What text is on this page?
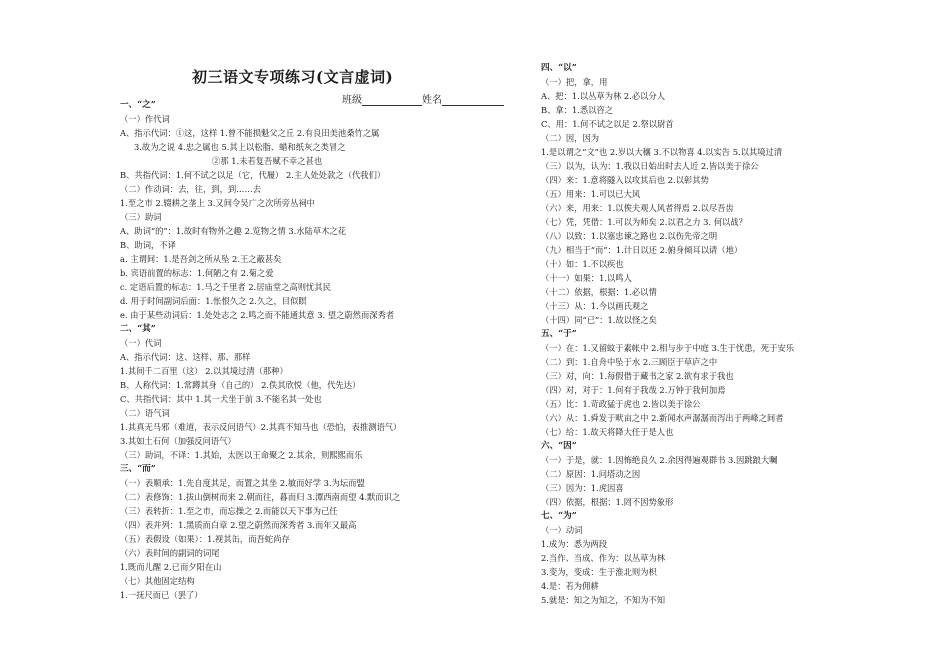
初三语文专项练习(文言虚词)
班级	姓名
一、“之”
（一）作代词
A、指示代词：①这，这样 1.曾不能损魁父之丘 2.有良田美池桑竹之属
3.故为之说 4.忠之属也 5.其上以松脂、蜡和纸灰之类冒之
②那 1.未若复吾赋不幸之甚也
B、共指代词：1.何不试之以足（它，代履） 2.主人处处款之（代我们）
（二）作动词：去，往，到，到……去
1.至之市 2.辍耕之垄上 3.又间令吴广之次所旁丛祠中
（三）助词
A、助词“的”：1.故时有物外之趣 2.览物之情 3.水陆草木之花
B、助词，不译
a. 主谓间：1.是吾剑之所从坠 2.王之蔽甚矣
b. 宾语前置的标志：1.何陋之有 2.菊之爱
c. 定语后置的标志：1.马之千里者 2.居庙堂之高则忧其民
d. 用于时间副词后面：1.怅恨久之 2.久之，目似瞑
e. 由于某些动词后：1.处处志之 2.鸣之而不能通其意 3. 望之蔚然而深秀者
二、“其”
（一）代词
A、指示代词：这、这样、那、那样
1.其间千二百里（这） 2.以其境过清（那种）
B、人称代词：1.常蹲其身（自己的） 2.佚其欣悦（他，代先达）
C、共指代词：其中 1.其一犬坐于前 3.不能名其一处也
（二）语气词
1.其真无马邪（难道，表示反问语气）2.其真不知马也（恐怕，表推测语气）
3.其如土石何（加强反问语气）
（三）助词，不译：1.其始，太医以王命聚之 2.其余，则熙熙而乐
三、“而”
（一）表顺承：1.先自度其足，而置之其坐 2.敏而好学 3.为坛而盟
（二）表修饰：1.拔山倒树而来 2.朝而往，暮而归 3.潭西南而望 4.默而识之
（三）表转折：1.至之市，而忘操之 2.而能以天下事为己任
（四）表并列：1.黑质而白章 2.望之蔚然而深秀者 3.而年又最高
（五）表假设（如果）：1.视其缶，而吾蛇尚存
（六）表时间的副词的词尾
1.既而儿醒 2.已而夕阳在山
（七）其他固定结构
1.一抚尺而已（罢了）
四、“以”
（一）把，拿，用
A、把：1.以丛草为林 2.必以分人
B、拿：1.悉以咨之
C、用：1.何不试之以足 2.祭以尉首
（二）因，因为
1.是以谓之“文”也 2.岁以大穰 3.不以物喜 4.以实告 5.以其境过清
（三）以为，认为：1.我以日始出时去人近 2.皆以美于徐公
（四）来：1.意将隧入以攻其后也 2.以彰其势
（五）用来：1.可以已大风
（六）来，用来：1.以俟夫观人风者得焉 2.以尽吾齿
（七）凭，凭借：1.可以为师矣 2.以君之力 3. 何以战？
（八）以致：1.以塞忠谏之路也 2.以伤先帝之明
（九）相当于“而”：1.计日以还 2.俯身倾耳以请（地）
（十）如：1.不以疾也
（十一）如果：1.以鸣人
（十二）依据，根据：1.必以情
（十三）从：1.今以画氏观之
（十四）同“已”：1.故以怪之矣
五、“于”
（一）在：1.又留蚊于素帐中 2.相与步于中庭 3.生于忧患，死于安乐
（二）到：1.自舟中坠于水 2.三顾臣于草庐之中
（三）对，向：1.每假借于藏书之家 2.欲有求于我也
（四）对，对于：1.何有于我哉 2.万钟于我何加焉
（五）比：1.苛政猛于虎也 2.皆以美于徐公
（六）从：1.舜发于畎亩之中 2.新闻水声潺潺而泻出于两峰之间者
（七）给：1.故天将降大任于是人也
六、“因”
（一）于是，就：1.因怖绝良久 2.余因得遍观群书 3.因跳踉大㘎
（二）原因：1.问塔动之因
（三）因为：1.虎因喜
（四）依据，根据：1.罔不因势象形
七、“为”
（一）动词
1.成为：悉为两段
2.当作、当成、作为：以丛草为林
3.变为，变成：生于淮北则为枳
4.是：若为佣耕
5.就是：知之为知之，不知为不知
